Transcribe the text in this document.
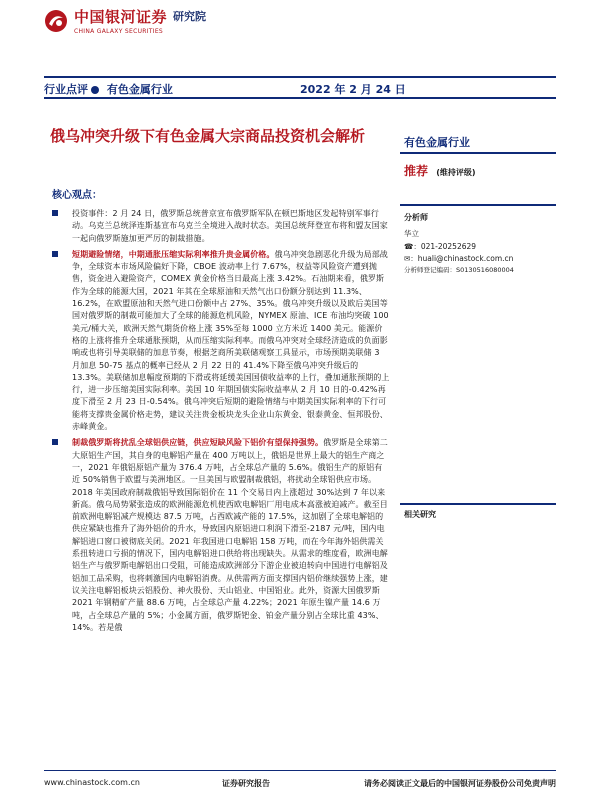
中国银河证券
CHINA GALAXY SECURITIES
研究院
行业点评 有色金属行业	2022 年 2 月 24 日
俄乌冲突升级下有色金属大宗商品投资机会解析
核心观点：
投资事件：2 月 24 日，俄罗斯总统普京宣布俄罗斯军队在顿巴斯地区发起特别军事行动。乌克兰总统泽连斯基宣布乌克兰全境进入战时状态。美国总统拜登宣布将和盟友国家一起向俄罗斯施加更严厉的制裁措施。
短期避险情绪，中期通胀压缩实际利率推升贵金属价格。俄乌冲突急剧恶化升级为局部战争，全球资本市场风险偏好下降，CBOE 波动率上行 7.67%，权益等风险资产遭到抛售，资金进入避险资产，COMEX 黄金价格当日最高上涨 3.42%。石油期来看，俄罗斯作为全球的能源大国，2021 年其在全球原油和天然气出口份额分别达到 11.3%、16.2%，在欧盟原油和天然气进口份额中占 27%、35%。俄乌冲突升级以及欧后美国等国对俄罗斯的制裁可能加大了全球的能源危机风险，NYMEX 原油、ICE 布油均突破 100 美元/桶大关，欧洲天然气期货价格上涨 35%至每 1000 立方米近 1400 美元。能源价格的上涨将推升全球通胀预期，从而压缩实际利率。而俄乌冲突对全球经济造成的负面影响或也将引导美联储的加息节奏，根据芝商所美联储观察工具显示，市场预期美联储 3 月加息 50-75 基点的概率已经从 2 月 22 日的 41.4%下降至俄乌冲突升级后的 13.3%。美联储加息幅度预期的下滑或将延缓美国国债收益率的上行，叠加通胀预期的上行，进一步压缩美国实际利率。美国 10 年期国债实际收益率从 2 月 10 日的-0.42%再度下滑至 2 月 23 日-0.54%。俄乌冲突后短期的避险情绪与中期美国实际利率的下行可能将支撑贵金属价格走势，建议关注贵金板块龙头企业山东黄金、银泰黄金、恒邦股份、赤峰黄金。
制裁俄罗斯将扰乱全球铝供应链，供应短缺风险下铝价有望保持强势。俄罗斯是全球第二大原铝生产国，其自身的电解铝产量在 400 万吨以上，俄铝是世界上最大的铝生产商之一，2021 年俄铝原铝产量为 376.4 万吨，占全球总产量的 5.6%。俄铝生产的原铝有近 50%销售于欧盟与美洲地区。一旦美国与欧盟制裁俄铝，将扰动全球铝供应市场。2018 年美国政府制裁俄铝导致国际铝价在 11 个交易日内上涨超过 30%达到 7 年以来新高。俄乌局势紧张造成的欧洲能源危机使西欧电解铝厂用电成本高涨被迫减产。截至目前欧洲电解铝减产规模达 87.5 万吨，占西欧减产能的 17.5%，这加剧了全球电解铝的供应紧缺也推升了海外铝价的升水，导致国内原铝进口利润下滑至-2187 元/吨，国内电解铝进口窗口被彻底关闭。2021 年我国进口电解铝 158 万吨，而在今年海外铝供需关系扭转进口亏损的情况下，国内电解铝进口供给将出现缺失。从需求的维度看，欧洲电解铝生产与俄罗斯电解铝出口受阻，可能造成欧洲部分下游企业被迫转向中国进行电解铝及铝加工品采购，也将刺激国内电解铝消费。从供需两方面支撑国内铝价继续强势上涨，建议关注电解铝板块云铝股份、神火股份、天山铝业、中国铝业。此外，资源大国俄罗斯 2021 年钢精矿产量 88.6 万吨，占全球总产量 4.22%；2021 年原生镍产量 14.6 万吨，占全球总产量的 5%；小金属方面，俄罗斯钯金、铂金产量分别占全球比重 43%、14%。若是俄
有色金属行业
推荐 (维持评级)
分析师
华立
☎：021-20252629
✉：huali@chinastock.com.cn
分析师登记编码：S0130516080004
相关研究
www.chinastock.com.cn	证券研究报告	请务必阅读正文最后的中国银河证券股份公司免责声明
